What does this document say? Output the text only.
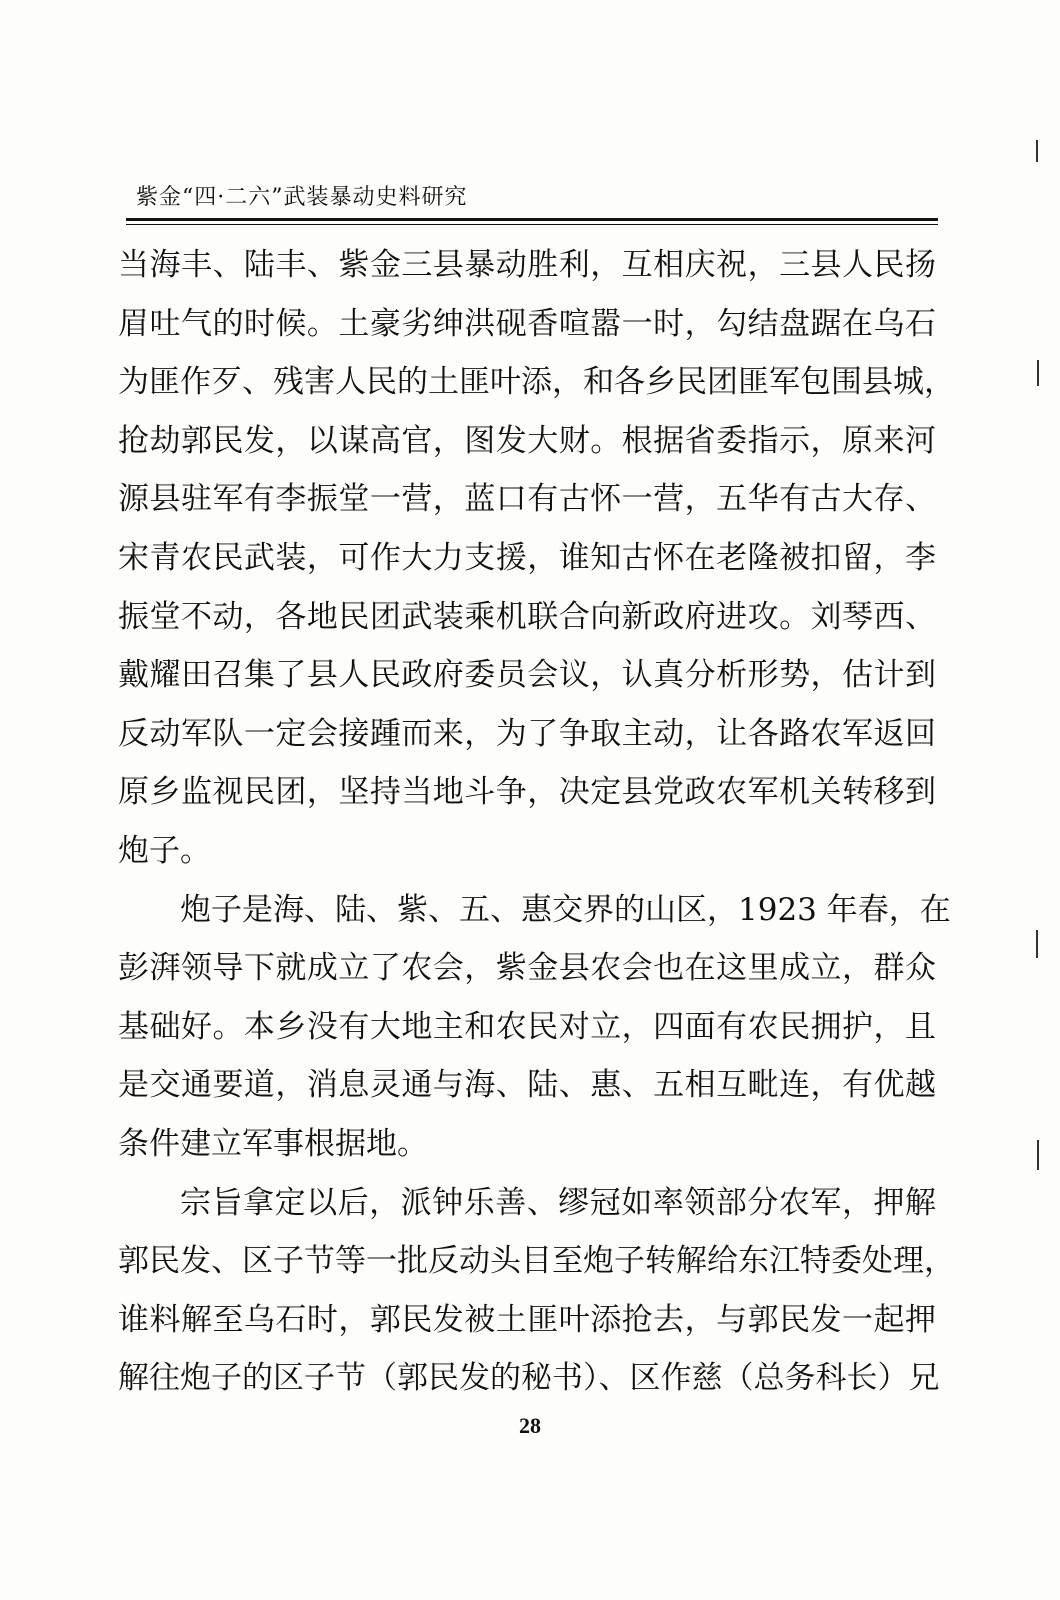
紫金“四·二六”武装暴动史料研究

当海丰、陆丰、紫金三县暴动胜利，互相庆祝，三县人民扬
眉吐气的时候。土豪劣绅洪砚香喧嚣一时，勾结盘踞在乌石
为匪作歹、残害人民的土匪叶添，和各乡民团匪军包围县城，
抢劫郭民发，以谋高官，图发大财。根据省委指示，原来河
源县驻军有李振堂一营，蓝口有古怀一营，五华有古大存、
宋青农民武装，可作大力支援，谁知古怀在老隆被扣留，李
振堂不动，各地民团武装乘机联合向新政府进攻。刘琴西、
戴耀田召集了县人民政府委员会议，认真分析形势，估计到
反动军队一定会接踵而来，为了争取主动，让各路农军返回
原乡监视民团，坚持当地斗争，决定县党政农军机关转移到
炮子。

炮子是海、陆、紫、五、惠交界的山区，1923 年春，在
彭湃领导下就成立了农会，紫金县农会也在这里成立，群众
基础好。本乡没有大地主和农民对立，四面有农民拥护，且
是交通要道，消息灵通与海、陆、惠、五相互毗连，有优越
条件建立军事根据地。

宗旨拿定以后，派钟乐善、缪冠如率领部分农军，押解
郭民发、区子节等一批反动头目至炮子转解给东江特委处理，
谁料解至乌石时，郭民发被土匪叶添抢去，与郭民发一起押
解往炮子的区子节（郭民发的秘书）、区作慈（总务科长）兄

28
